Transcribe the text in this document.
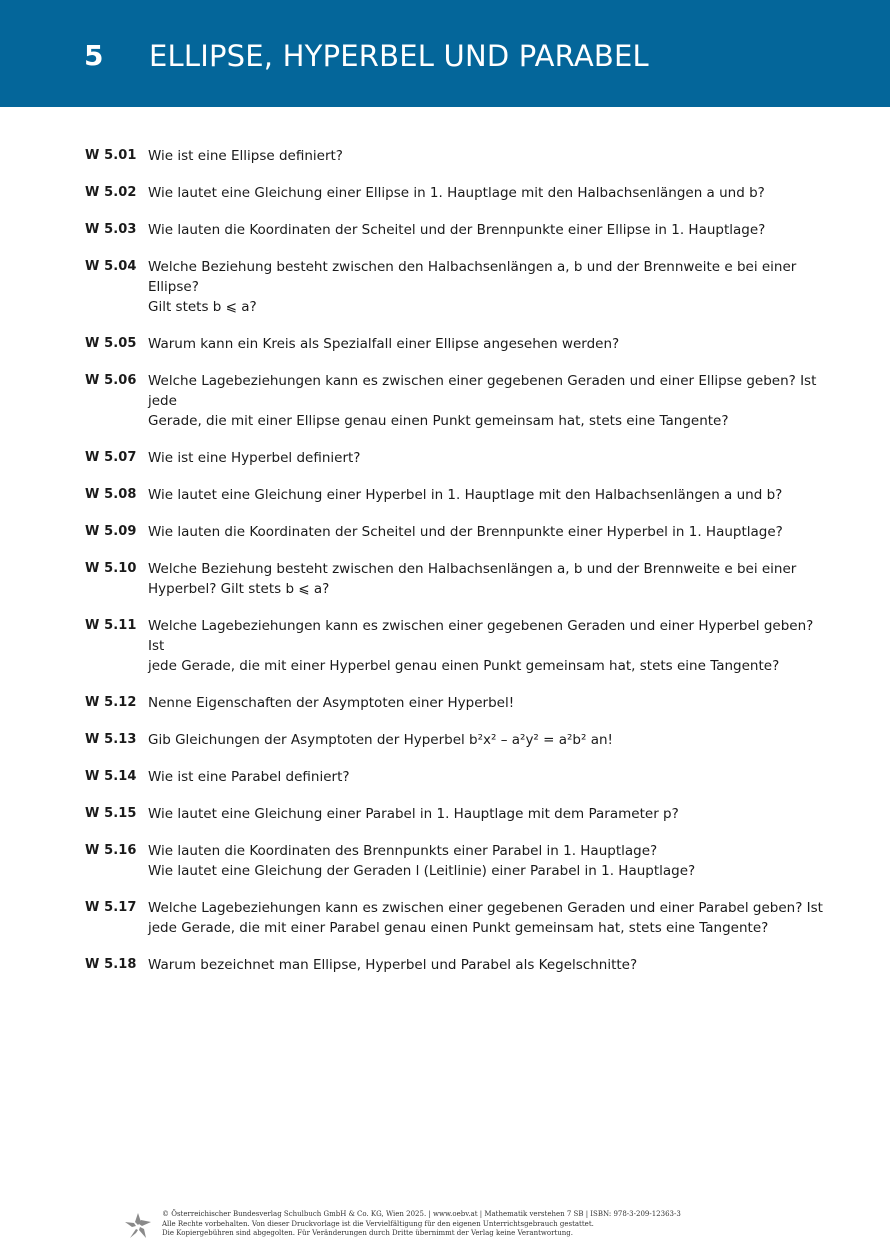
5 ELLIPSE, HYPERBEL UND PARABEL
W 5.01 Wie ist eine Ellipse definiert?
W 5.02 Wie lautet eine Gleichung einer Ellipse in 1. Hauptlage mit den Halbachsenlängen a und b?
W 5.03 Wie lauten die Koordinaten der Scheitel und der Brennpunkte einer Ellipse in 1. Hauptlage?
W 5.04 Welche Beziehung besteht zwischen den Halbachsenlängen a, b und der Brennweite e bei einer Ellipse?
Gilt stets b ⩽ a?
W 5.05 Warum kann ein Kreis als Spezialfall einer Ellipse angesehen werden?
W 5.06 Welche Lagebeziehungen kann es zwischen einer gegebenen Geraden und einer Ellipse geben? Ist jede
Gerade, die mit einer Ellipse genau einen Punkt gemeinsam hat, stets eine Tangente?
W 5.07 Wie ist eine Hyperbel definiert?
W 5.08 Wie lautet eine Gleichung einer Hyperbel in 1. Hauptlage mit den Halbachsenlängen a und b?
W 5.09 Wie lauten die Koordinaten der Scheitel und der Brennpunkte einer Hyperbel in 1. Hauptlage?
W 5.10 Welche Beziehung besteht zwischen den Halbachsenlängen a, b und der Brennweite e bei einer
Hyperbel? Gilt stets b ⩽ a?
W 5.11 Welche Lagebeziehungen kann es zwischen einer gegebenen Geraden und einer Hyperbel geben? Ist
jede Gerade, die mit einer Hyperbel genau einen Punkt gemeinsam hat, stets eine Tangente?
W 5.12 Nenne Eigenschaften der Asymptoten einer Hyperbel!
W 5.13 Gib Gleichungen der Asymptoten der Hyperbel b²x² – a²y² = a²b² an!
W 5.14 Wie ist eine Parabel definiert?
W 5.15 Wie lautet eine Gleichung einer Parabel in 1. Hauptlage mit dem Parameter p?
W 5.16 Wie lauten die Koordinaten des Brennpunkts einer Parabel in 1. Hauptlage?
Wie lautet eine Gleichung der Geraden l (Leitlinie) einer Parabel in 1. Hauptlage?
W 5.17 Welche Lagebeziehungen kann es zwischen einer gegebenen Geraden und einer Parabel geben? Ist
jede Gerade, die mit einer Parabel genau einen Punkt gemeinsam hat, stets eine Tangente?
W 5.18 Warum bezeichnet man Ellipse, Hyperbel und Parabel als Kegelschnitte?
© Österreichischer Bundesverlag Schulbuch GmbH & Co. KG, Wien 2025. | www.oebv.at | Mathematik verstehen 7 SB | ISBN: 978-3-209-12363-3
Alle Rechte vorbehalten. Von dieser Druckvorlage ist die Vervielfältigung für den eigenen Unterrichtsgebrauch gestattet.
Die Kopiergebühren sind abgegolten. Für Veränderungen durch Dritte übernimmt der Verlag keine Verantwortung.
